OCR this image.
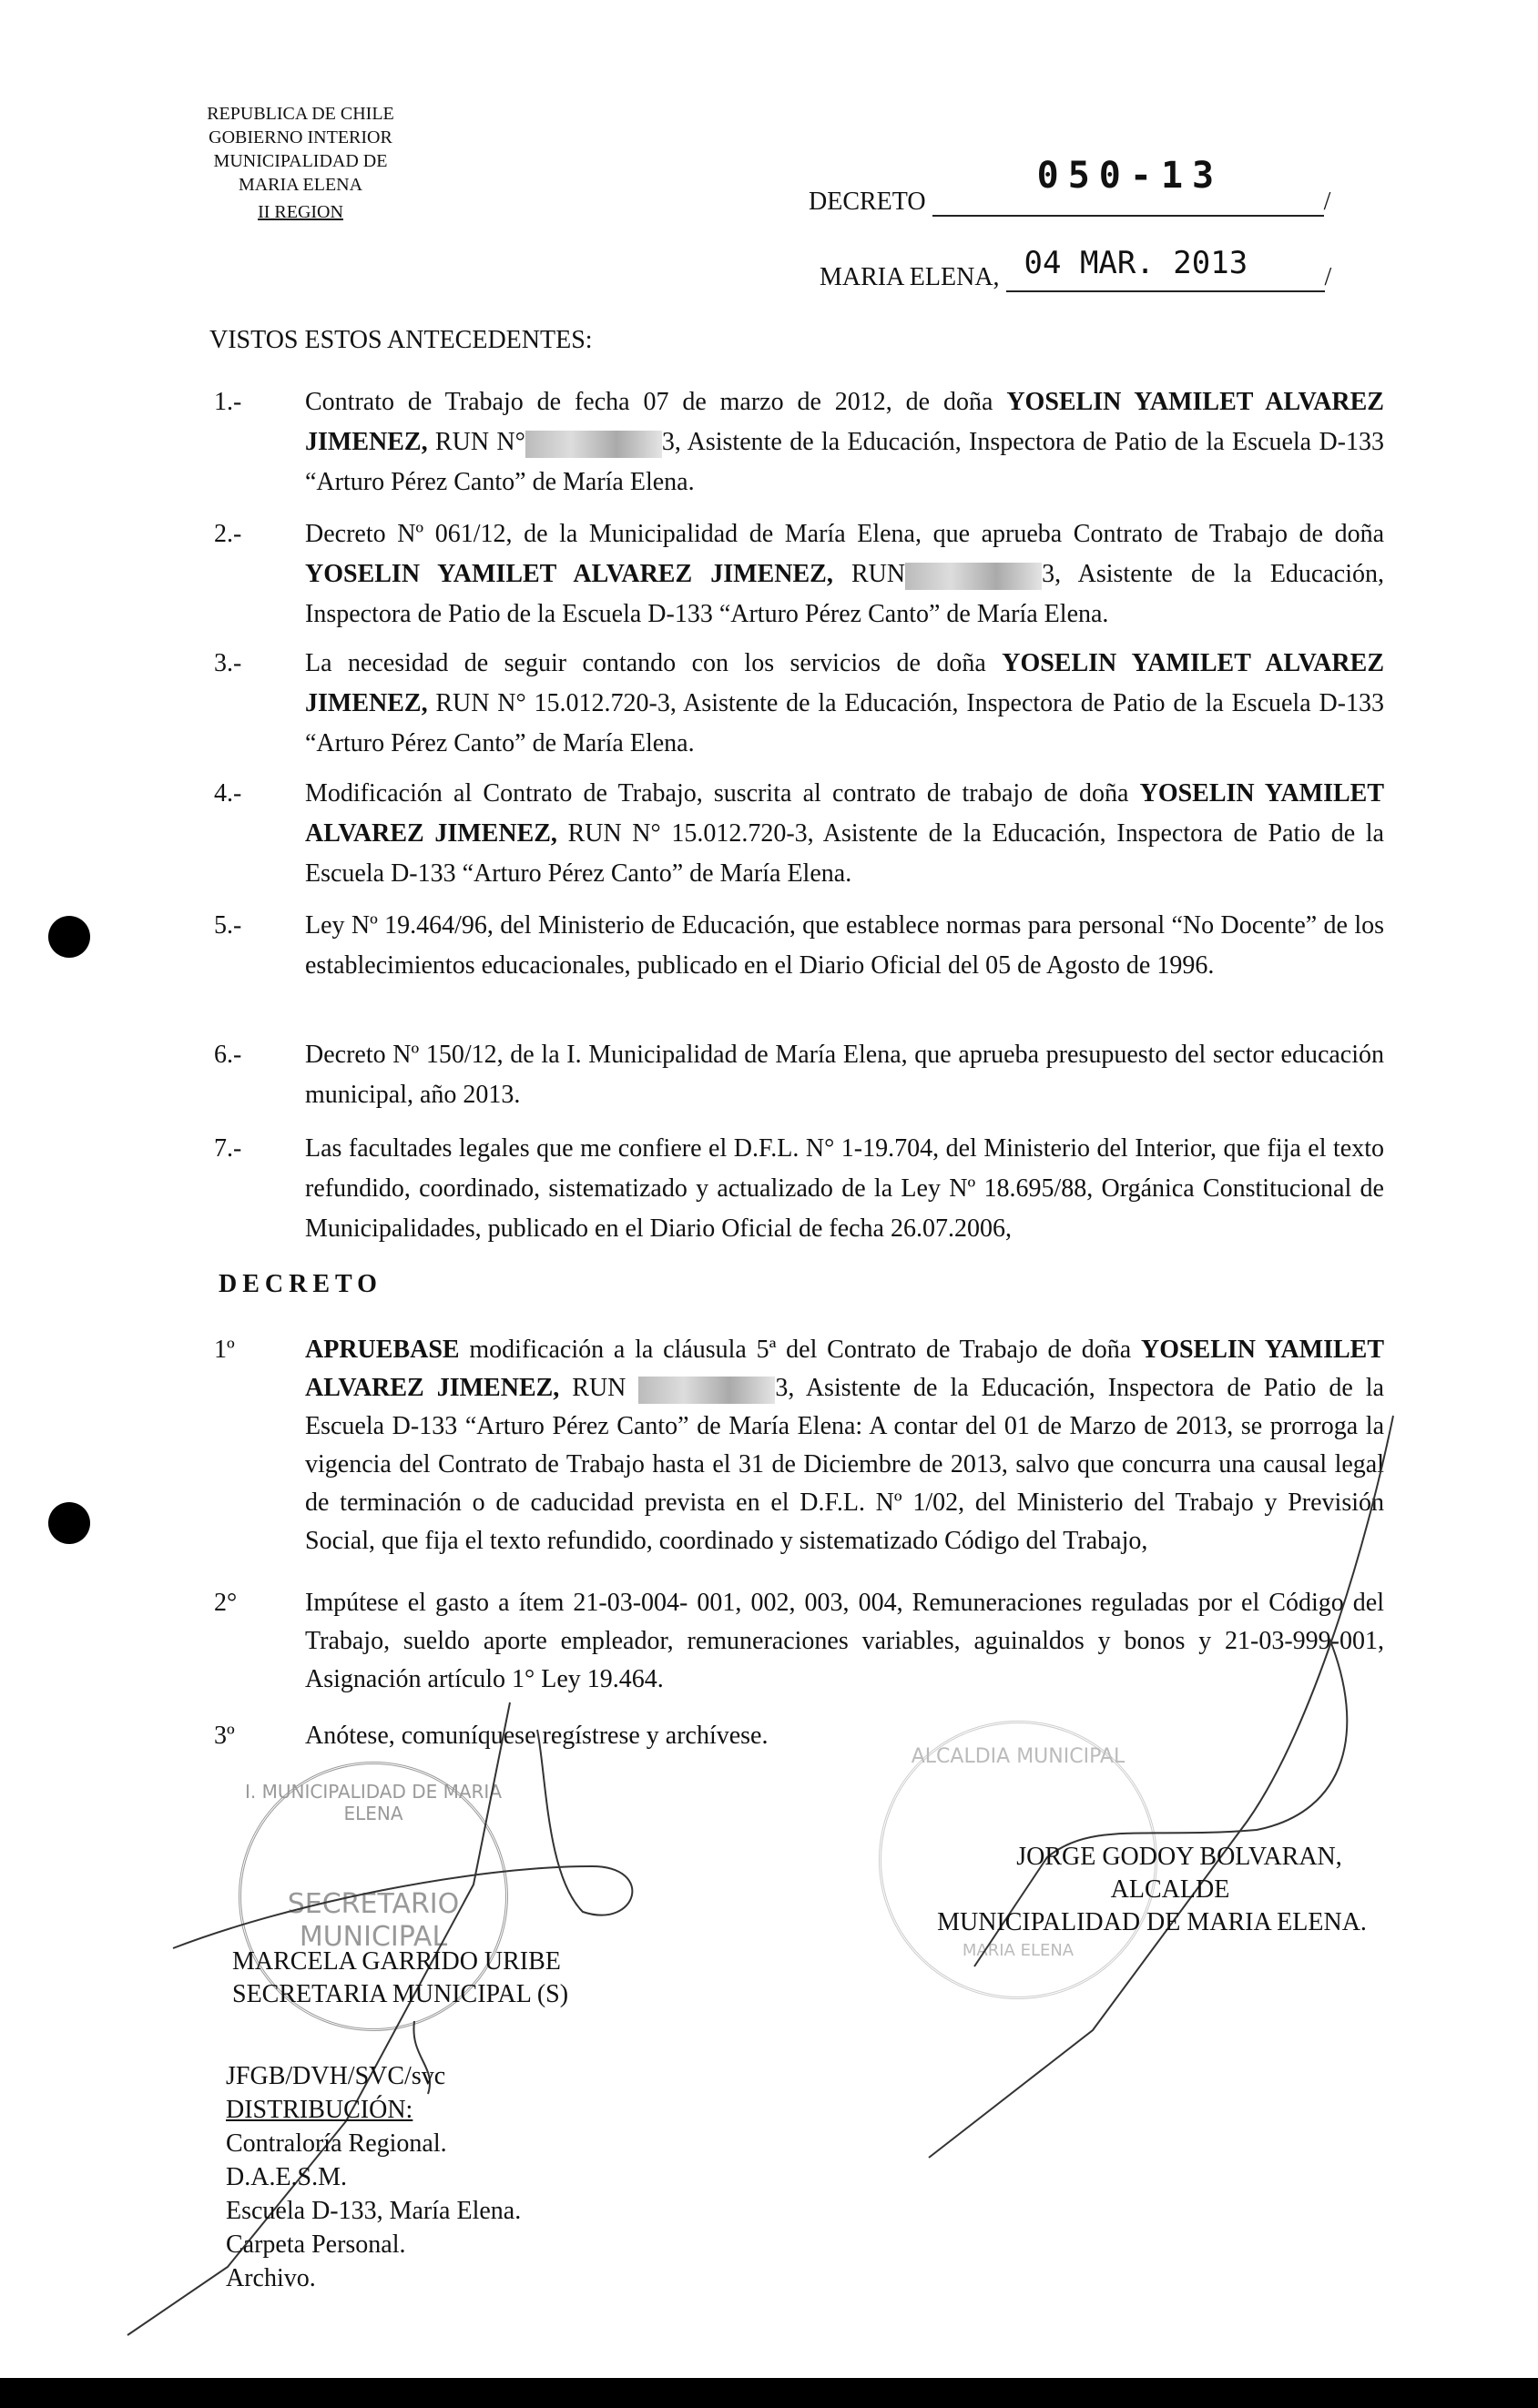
REPUBLICA DE CHILE
GOBIERNO INTERIOR
MUNICIPALIDAD DE
MARIA ELENA
II REGION	DECRETO
050-13
/
MARIA ELENA, 04 MAR. 2013	/
VISTOS ESTOS ANTECEDENTES:
1.- Contrato de Trabajo de fecha 07 de marzo de 2012, de doña YOSELIN YAMILET ALVAREZ JIMENEZ, RUN N°	3, Asistente de la Educación, Inspectora de Patio de la Escuela D-133 “Arturo Pérez Canto” de María Elena.
2.- Decreto Nº 061/12, de la Municipalidad de María Elena, que aprueba Contrato de Trabajo de doña YOSELIN YAMILET ALVAREZ JIMENEZ, RUN	3, Asistente de la Educación, Inspectora de Patio de la Escuela D-133 “Arturo Pérez Canto” de María Elena.
3.- La necesidad de seguir contando con los servicios de doña YOSELIN YAMILET ALVAREZ JIMENEZ, RUN N° 15.012.720-3, Asistente de la Educación, Inspectora de Patio de la Escuela D-133 “Arturo Pérez Canto” de María Elena.
4.- Modificación al Contrato de Trabajo, suscrita al contrato de trabajo de doña YOSELIN YAMILET ALVAREZ JIMENEZ, RUN N° 15.012.720-3, Asistente de la Educación, Inspectora de Patio de la Escuela D-133 “Arturo Pérez Canto” de María Elena.
5.- Ley Nº 19.464/96, del Ministerio de Educación, que establece normas para personal “No Docente” de los establecimientos educacionales, publicado en el Diario Oficial del 05 de Agosto de 1996.
6.- Decreto Nº 150/12, de la I. Municipalidad de María Elena, que aprueba presupuesto del sector educación municipal, año 2013.
7.- Las facultades legales que me confiere el D.F.L. N° 1-19.704, del Ministerio del Interior, que fija el texto refundido, coordinado, sistematizado y actualizado de la Ley Nº 18.695/88, Orgánica Constitucional de Municipalidades, publicado en el Diario Oficial de fecha 26.07.2006,
DECRETO
1º	APRUEBASE modificación a la cláusula 5ª del Contrato de Trabajo de doña YOSELIN YAMILET ALVAREZ JIMENEZ, RUN	3, Asistente de la Educación, Inspectora de Patio de la Escuela D-133 “Arturo Pérez Canto” de María Elena: A contar del 01 de Marzo de 2013, se prorroga la vigencia del Contrato de Trabajo hasta el 31 de Diciembre de 2013, salvo que concurra una causal legal de terminación o de caducidad prevista en el D.F.L. Nº 1/02, del Ministerio del Trabajo y Previsión Social, que fija el texto refundido, coordinado y sistematizado Código del Trabajo,
2°	Impútese el gasto a ítem 21-03-004- 001, 002, 003, 004, Remuneraciones reguladas por el Código del Trabajo, sueldo aporte empleador, remuneraciones variables, aguinaldos y bonos y 21-03-999-001, Asignación artículo 1° Ley 19.464.
3º	Anótese, comuníquese regístrese y archívese.
I. MUNICIPALIDAD DE MARIA ELENA
SECRETARIO
MUNICIPAL
ALCALDIA MUNICIPAL
MARIA ELENA
MARCELA GARRIDO URIBE
SECRETARIA MUNICIPAL (S)
JORGE GODOY BOLVARAN,
ALCALDE
MUNICIPALIDAD DE MARIA ELENA.
JFGB/DVH/SVC/svc
DISTRIBUCIÓN:
Contraloría Regional.
D.A.E.S.M.
Escuela D-133, María Elena.
Carpeta Personal.
Archivo.
